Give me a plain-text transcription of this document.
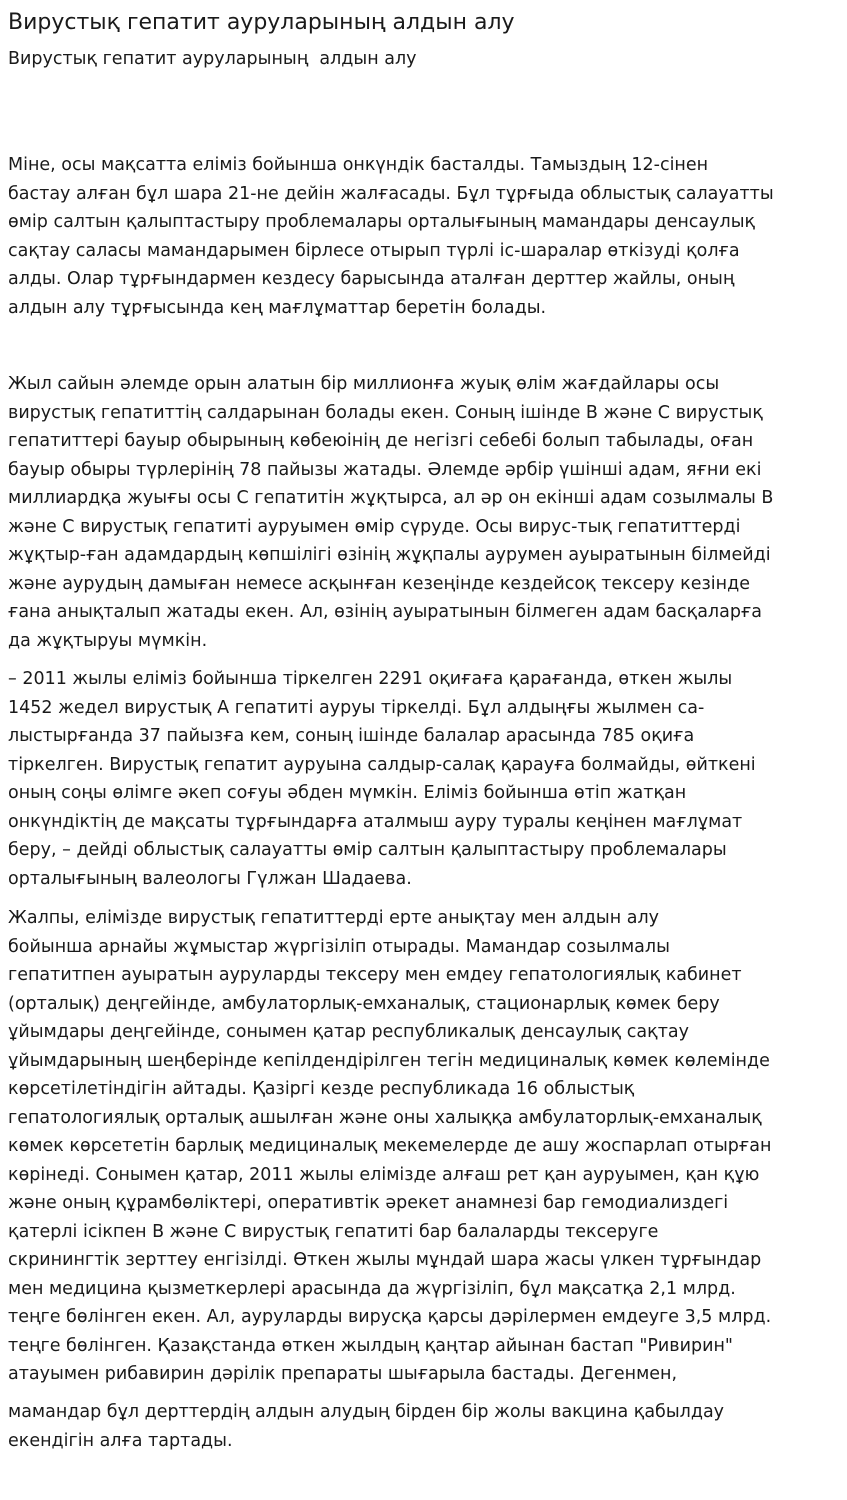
Вирустық гепатит ауруларының алдын алу
Вирустық гепатит ауруларының  алдын алу

Міне, осы мақсатта еліміз бойынша онкүндік басталды. Тамыздың 12-сінен
бастау алған бұл шара 21-не дейін жалғасады. Бұл тұрғыда облыстық салауатты
өмір салтын қалыптастыру проблемалары орталығының мамандары денсаулық
сақтау саласы мамандарымен бірлесе отырып түрлі іс-шаралар өткізуді қолға
алды. Олар тұрғындармен кездесу барысында аталған дерттер жайлы, оның
алдын алу тұрғысында кең мағлұматтар беретін болады.

Жыл сайын әлемде орын алатын бір миллионға жуық өлім жағдайлары осы
вирустық гепатиттің салдарынан болады екен. Соның ішінде В және С вирустық
гепатиттері бауыр обырының көбеюінің де негізгі себебі болып табылады, оған
бауыр обыры түрлерінің 78 пайызы жатады. Әлемде әрбір үшінші адам, яғни екі
миллиардқа жуығы осы С гепатитін жұқтырса, ал әр он екінші адам созылмалы В
және С вирустық гепатиті ауруымен өмір сүруде. Осы вирус-тық гепатиттерді
жұқтыр-ған адамдардың көпшілігі өзінің жұқпалы аурумен ауыратынын білмейді
және аурудың дамыған немесе асқынған кезеңінде кездейсоқ тексеру кезінде
ғана анықталып жатады екен. Ал, өзінің ауыратынын білмеген адам басқаларға
да жұқтыруы мүмкін.

– 2011 жылы еліміз бойынша тіркелген 2291 оқиғаға қарағанда, өткен жылы
1452 жедел вирустық А гепатиті ауруы тіркелді. Бұл алдыңғы жылмен са-
лыстырғанда 37 пайызға кем, соның ішінде балалар арасында 785 оқиға
тіркелген. Вирустық гепатит ауруына салдыр-салақ қарауға болмайды, өйткені
оның соңы өлімге әкеп соғуы әбден мүмкін. Еліміз бойынша өтіп жатқан
онкүндіктің де мақсаты тұрғындарға аталмыш ауру туралы кеңінен мағлұмат
беру, – дейді облыстық салауатты өмір салтын қалыптастыру проблемалары
орталығының валеологы Гүлжан Шадаева.

Жалпы, елімізде вирустық гепатиттерді ерте анықтау мен алдын алу
бойынша арнайы жұмыстар жүргізіліп отырады. Мамандар созылмалы
гепатитпен ауыратын ауруларды тексеру мен емдеу гепатологиялық кабинет
(орталық) деңгейінде, амбулаторлық-емханалық, стационарлық көмек беру
ұйымдары деңгейінде, сонымен қатар республикалық денсаулық сақтау
ұйымдарының шеңберінде кепілдендірілген тегін медициналық көмек көлемінде
көрсетілетіндігін айтады. Қазіргі кезде республикада 16 облыстық
гепатологиялық орталық ашылған және оны халыққа амбулаторлық-емханалық
көмек көрсететін барлық медициналық мекемелерде де ашу жоспарлап отырған
көрінеді. Сонымен қатар, 2011 жылы елімізде алғаш рет қан ауруымен, қан құю
және оның құрамбөліктері, оперативтік әрекет анамнезі бар гемодиализдегі
қатерлі ісікпен В және С вирустық гепатиті бар балаларды тексеруге
скринингтік зерттеу енгізілді. Өткен жылы мұндай шара жасы үлкен тұрғындар
мен медицина қызметкерлері арасында да жүргізіліп, бұл мақсатқа 2,1 млрд.
теңге бөлінген екен. Ал, ауруларды вирусқа қарсы дәрілермен емдеуге 3,5 млрд.
теңге бөлінген. Қазақстанда өткен жылдың қаңтар айынан бастап "Ривирин"
атауымен рибавирин дәрілік препараты шығарыла бастады. Дегенмен,

мамандар бұл дерттердің алдын алудың бірден бір жолы вакцина қабылдау
екендігін алға тартады.
